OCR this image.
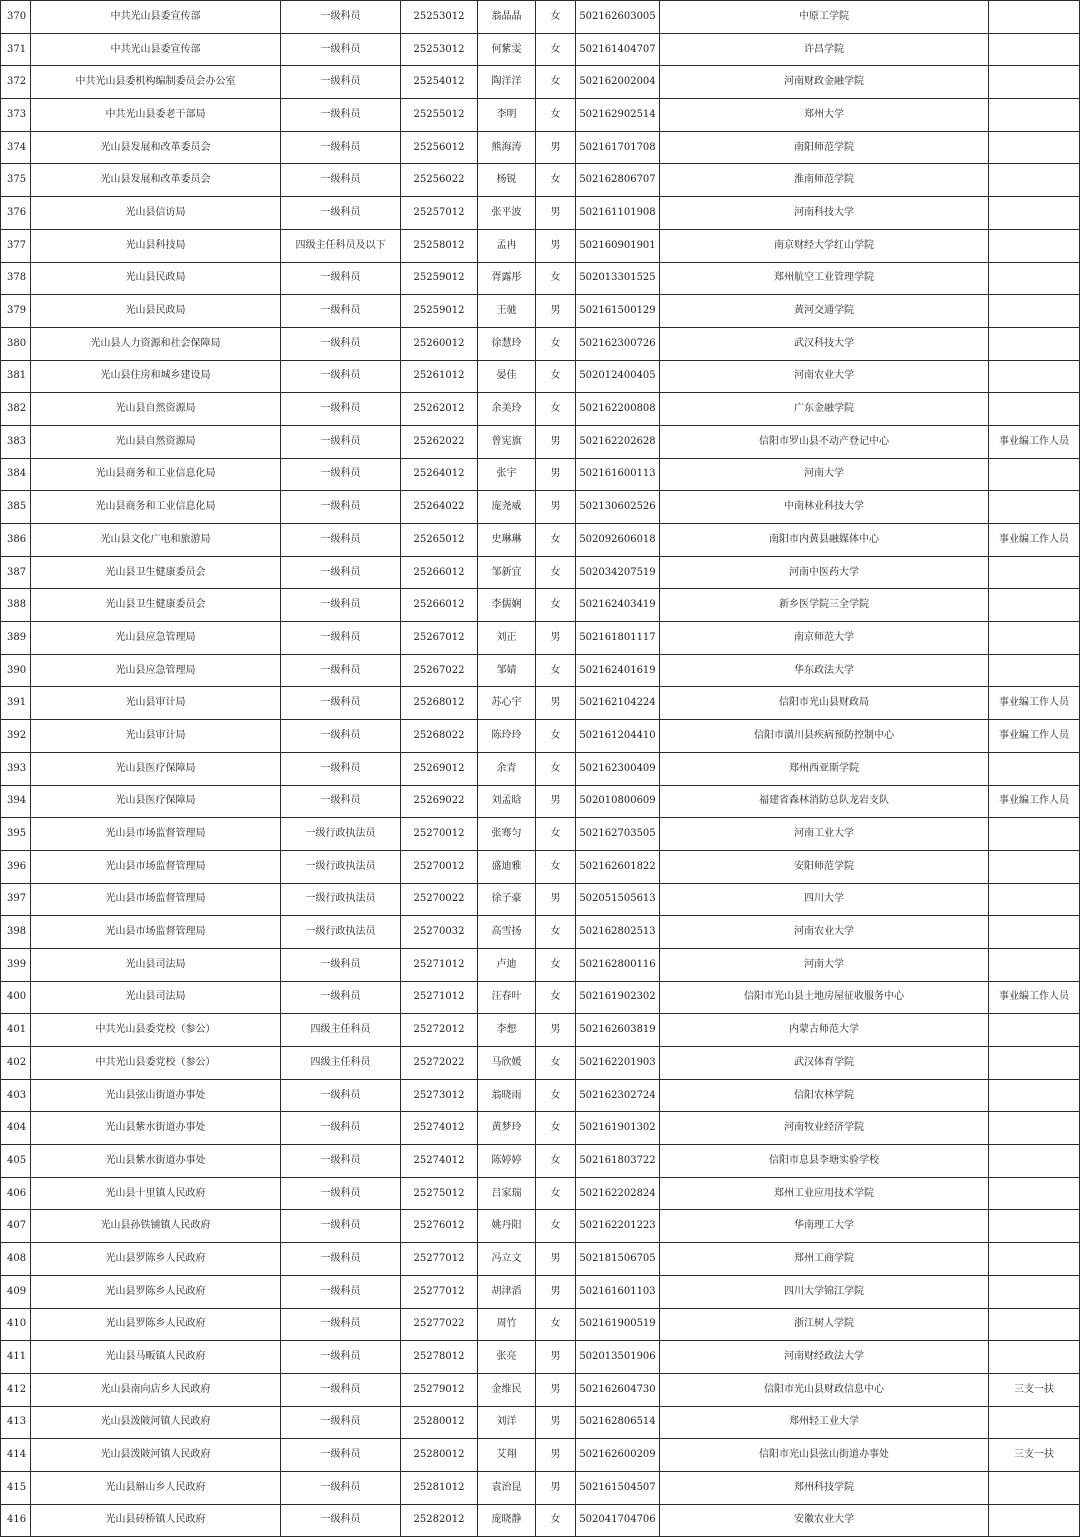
370	中共光山县委宣传部	一级科员	25253012	翁晶晶	女	502162603005	中原工学院	
371	中共光山县委宣传部	一级科员	25253012	何紫雯	女	502161404707	许昌学院	
372	中共光山县委机构编制委员会办公室	一级科员	25254012	陶洋洋	女	502162002004	河南财政金融学院	
373	中共光山县委老干部局	一级科员	25255012	李明	女	502162902514	郑州大学	
374	光山县发展和改革委员会	一级科员	25256012	熊海涛	男	502161701708	南阳师范学院	
375	光山县发展和改革委员会	一级科员	25256022	杨锐	女	502162806707	淮南师范学院	
376	光山县信访局	一级科员	25257012	张平波	男	502161101908	河南科技大学	
377	光山县科技局	四级主任科员及以下	25258012	孟冉	男	502160901901	南京财经大学红山学院	
378	光山县民政局	一级科员	25259012	胥露彤	女	502013301525	郑州航空工业管理学院	
379	光山县民政局	一级科员	25259012	王驰	男	502161500129	黄河交通学院	
380	光山县人力资源和社会保障局	一级科员	25260012	徐慧玲	女	502162300726	武汉科技大学	
381	光山县住房和城乡建设局	一级科员	25261012	晏佳	女	502012400405	河南农业大学	
382	光山县自然资源局	一级科员	25262012	余美玲	女	502162200808	广东金融学院	
383	光山县自然资源局	一级科员	25262022	曾宪旗	男	502162202628	信阳市罗山县不动产登记中心	事业编工作人员
384	光山县商务和工业信息化局	一级科员	25264012	张宇	男	502161600113	河南大学	
385	光山县商务和工业信息化局	一级科员	25264022	庞尧威	男	502130602526	中南林业科技大学	
386	光山县文化广电和旅游局	一级科员	25265012	史琳琳	女	502092606018	南阳市内黄县融媒体中心	事业编工作人员
387	光山县卫生健康委员会	一级科员	25266012	邹新宜	女	502034207519	河南中医药大学	
388	光山县卫生健康委员会	一级科员	25266012	李儒娴	女	502162403419	新乡医学院三全学院	
389	光山县应急管理局	一级科员	25267012	刘正	男	502161801117	南京师范大学	
390	光山县应急管理局	一级科员	25267022	邹婧	女	502162401619	华东政法大学	
391	光山县审计局	一级科员	25268012	苏心宇	男	502162104224	信阳市光山县财政局	事业编工作人员
392	光山县审计局	一级科员	25268022	陈玲玲	女	502161204410	信阳市潢川县疾病预防控制中心	事业编工作人员
393	光山县医疗保障局	一级科员	25269012	余青	女	502162300409	郑州西亚斯学院	
394	光山县医疗保障局	一级科员	25269022	刘孟晗	男	502010800609	福建省森林消防总队龙岩支队	事业编工作人员
395	光山县市场监督管理局	一级行政执法员	25270012	张骞匀	女	502162703505	河南工业大学	
396	光山县市场监督管理局	一级行政执法员	25270012	盛迪雅	女	502162601822	安阳师范学院	
397	光山县市场监督管理局	一级行政执法员	25270022	徐子豪	男	502051505613	四川大学	
398	光山县市场监督管理局	一级行政执法员	25270032	高雪扬	女	502162802513	河南农业大学	
399	光山县司法局	一级科员	25271012	卢迪	女	502162800116	河南大学	
400	光山县司法局	一级科员	25271012	汪春叶	女	502161902302	信阳市光山县土地房屋征收服务中心	事业编工作人员
401	中共光山县委党校（参公）	四级主任科员	25272012	李想	男	502162603819	内蒙古师范大学	
402	中共光山县委党校（参公）	四级主任科员	25272022	马欣媛	女	502162201903	武汉体育学院	
403	光山县弦山街道办事处	一级科员	25273012	翁晓雨	女	502162302724	信阳农林学院	
404	光山县紫水街道办事处	一级科员	25274012	黄梦玲	女	502161901302	河南牧业经济学院	
405	光山县紫水街道办事处	一级科员	25274012	陈婷婷	女	502161803722	信阳市息县李塘实验学校	
406	光山县十里镇人民政府	一级科员	25275012	吕家瑞	女	502162202824	郑州工业应用技术学院	
407	光山县孙铁铺镇人民政府	一级科员	25276012	姚丹阳	女	502162201223	华南理工大学	
408	光山县罗陈乡人民政府	一级科员	25277012	冯立文	男	502181506705	郑州工商学院	
409	光山县罗陈乡人民政府	一级科员	25277012	胡津滔	男	502161601103	四川大学锦江学院	
410	光山县罗陈乡人民政府	一级科员	25277022	周竹	女	502161900519	浙江树人学院	
411	光山县马畈镇人民政府	一级科员	25278012	张亮	男	502013501906	河南财经政法大学	
412	光山县南向店乡人民政府	一级科员	25279012	金维民	男	502162604730	信阳市光山县财政信息中心	三支一扶
413	光山县泼陂河镇人民政府	一级科员	25280012	刘洋	男	502162806514	郑州轻工业大学	
414	光山县泼陂河镇人民政府	一级科员	25280012	艾翔	男	502162600209	信阳市光山县弦山街道办事处	三支一扶
415	光山县斛山乡人民政府	一级科员	25281012	袁治昆	男	502161504507	郑州科技学院	
416	光山县砖桥镇人民政府	一级科员	25282012	庞晓静	女	502041704706	安徽农业大学	
